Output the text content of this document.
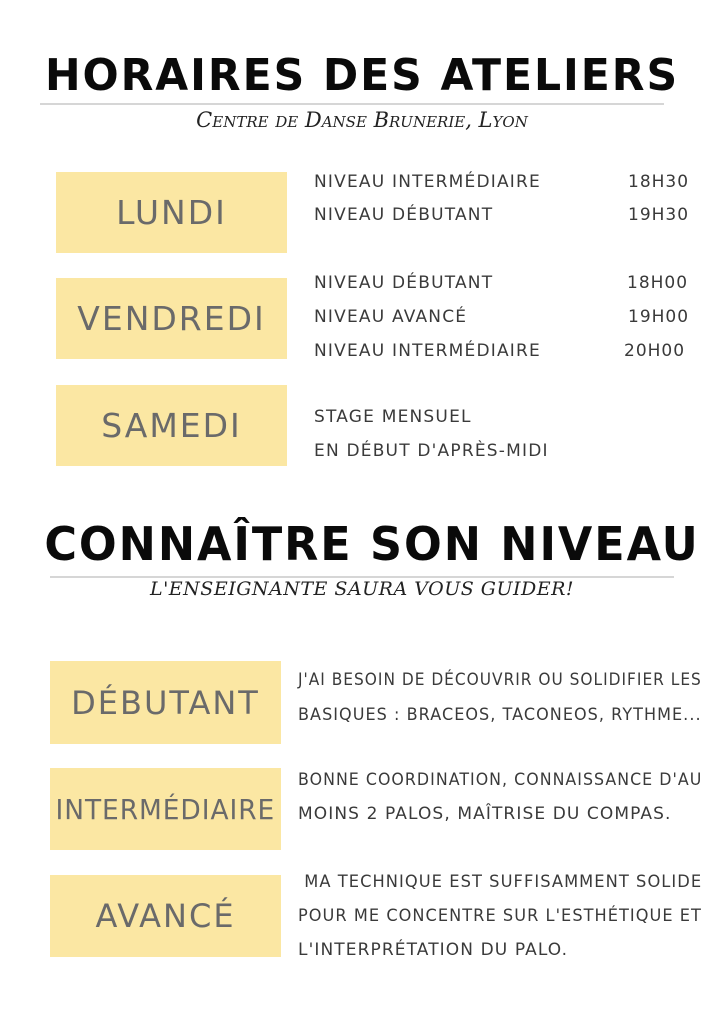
HORAIRES DES ATELIERS
Centre de Danse Brunerie, Lyon
LUNDI
NIVEAU INTERMÉDIAIRE	18H30
NIVEAU DÉBUTANT	19H30
VENDREDI
NIVEAU DÉBUTANT	18H00
NIVEAU AVANCÉ	19H00
NIVEAU INTERMÉDIAIRE	20H00
SAMEDI	STAGE MENSUEL
EN DÉBUT D'APRÈS-MIDI
CONNAÎTRE SON NIVEAU
L'ENSEIGNANTE SAURA VOUS GUIDER!
DÉBUTANT
J'AI BESOIN DE DÉCOUVRIR OU SOLIDIFIER LES
BASIQUES : BRACEOS, TACONEOS, RYTHME...
INTERMÉDIAIRE
BONNE COORDINATION, CONNAISSANCE D'AU
MOINS 2 PALOS, MAÎTRISE DU COMPAS.
AVANCÉ
MA TECHNIQUE EST SUFFISAMMENT SOLIDE
POUR ME CONCENTRE SUR L'ESTHÉTIQUE ET
L'INTERPRÉTATION DU PALO.
